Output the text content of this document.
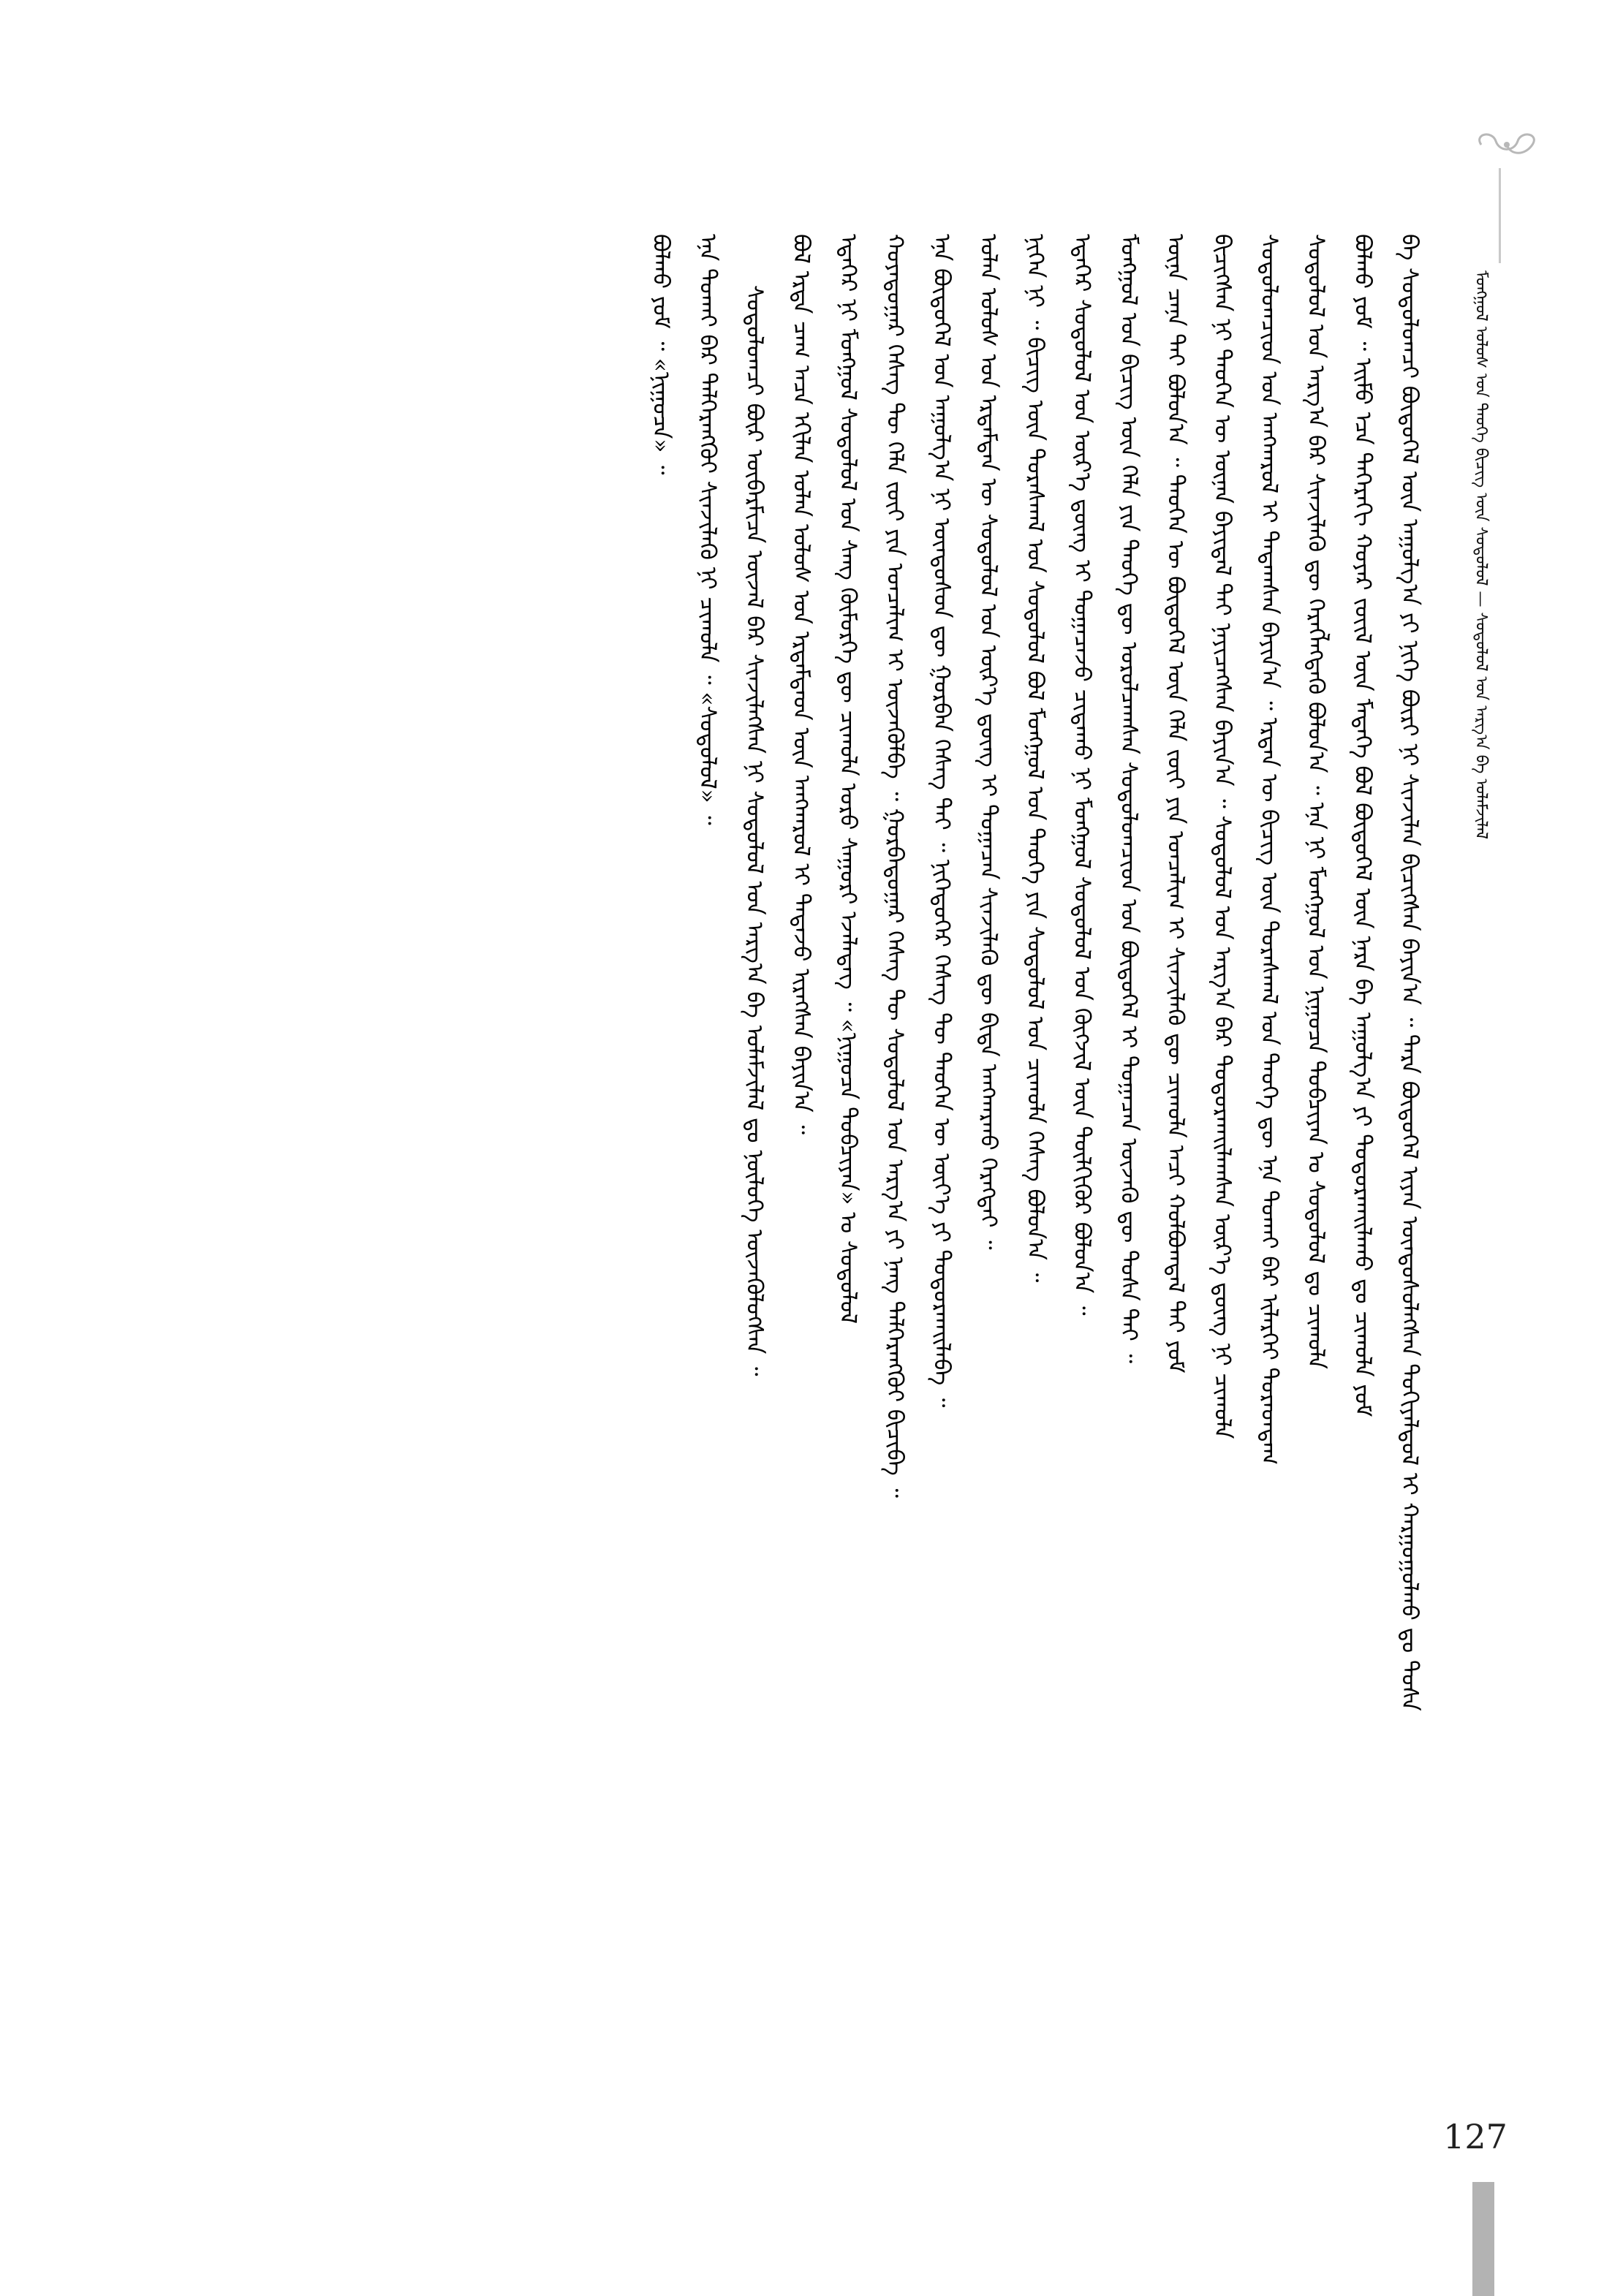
ᠮᠣᠩᠭᠣᠯ ᠤᠯᠤᠰ ᠤᠨ ᠲᠡᠦᠬᠡ ᠪᠢᠴᠢᠭ ᠦᠨ ᠰᠤᠳᠤᠯᠤᠯ — ᠰᠤᠳᠤᠯᠤᠯ ᠤᠨ ᠠᠷᠭ᠎ᠠ ᠪᠠ ᠤᠯᠠᠮᠵᠢᠯᠠᠯ
ᠪᠠ ᠰᠤᠳᠤᠯᠤᠭᠴᠢ ᠪᠦᠲᠦᠭᠡᠯ ᠦᠨ ᠠᠭᠤᠯᠭ᠎ᠠ ᠶᠢ ᠨᠢᠭᠡ ᠪᠦᠷᠢ ᠨᠢ ᠰᠢᠨᠵᠢᠯᠡᠨ ᠪᠢᠴᠢᠭᠰᠡᠨ ᠪᠠᠶᠢᠨ᠎ᠠ ᠃ ᠲᠡᠷᠡ ᠪᠦᠲᠦᠭᠡᠯ ᠢᠶᠡᠨ ᠦᠨᠳᠦᠰᠦᠯᠡᠭᠰᠡᠨ ᠲᠣᠬᠢᠶᠠᠯᠳᠤᠯ ᠢ ᠬᠠᠷᠭᠤᠭᠤᠯᠬᠤ ᠳᠤ ᠲᠤᠰᠠ
ᠪᠣᠯᠬᠤ ᠶᠤᠮ ᠃ ᠡᠢᠮᠦ ᠡᠴᠡ ᠳᠡᠭᠡᠷᠡᠬᠢ ᠬᠣᠶᠠᠷ ᠵᠦᠢᠯ ᠦᠨ ᠮᠡᠳᠡᠭᠡ ᠪᠣᠯ ᠪᠦᠲᠦᠭᠡᠯ ᠦᠨ ᠨᠡᠷᠡ ᠪᠠ ᠠᠭᠤᠯᠭ᠎ᠠ ᠶᠢ ᠲᠣᠳᠤᠷᠬᠠᠢᠯᠠᠬᠤ ᠳᠤ ᠴᠢᠬᠤᠯᠠ ᠶᠤᠮ
ᠰᠤᠳᠤᠯᠤᠯ ᠤᠨ ᠠᠷᠭ᠎ᠠ ᠪᠠᠷ ᠰᠢᠨᠵᠢᠯᠡᠬᠦ ᠳᠦ ᠬᠡᠷᠡᠭᠯᠡᠭᠳᠡᠬᠦ ᠪᠣᠯᠤᠨ᠎ᠠ ᠃ ᠡᠨᠡ ᠨᠢ ᠮᠣᠩᠭᠣᠯ ᠤᠨ ᠨᠢᠭᠤᠴᠠ ᠲᠣᠪᠴᠢᠶᠠᠨ ᠤ ᠰᠤᠳᠤᠯᠤᠯ ᠳᠤ ᠴᠢᠬᠤᠯᠠ
ᠰᠤᠳᠤᠯᠤᠭᠴᠢᠳ ᠤᠨ ᠠᠨᠭᠬᠠᠷᠤᠯ ᠢ ᠲᠠᠲᠠᠭᠰᠠᠨ ᠪᠠᠶᠢᠨ᠎ᠠ ᠃ ᠡᠷᠲᠡᠨ ᠦ ᠪᠢᠴᠢᠭ ᠦᠨ ᠳᠤᠷᠠᠰᠬᠠᠯ ᠤᠨ ᠲᠡᠦᠬᠡ ᠳᠦ ᠡᠨᠡ ᠲᠤᠬᠠᠢ ᠪᠠᠷ ᠢᠯᠡᠷᠬᠡᠢ ᠳᠤᠷᠠᠳᠳᠠᠭ
ᠪᠢᠴᠢᠭᠰᠡᠨ ᠨᠢ ᠲᠡᠦᠬᠡᠨ ᠦ ᠦᠨᠡᠨ ᠪᠠᠶᠢᠳᠠᠯ ᠲᠠᠢ ᠨᠡᠶᠢᠴᠡᠭᠰᠡᠨ ᠪᠠᠶᠢᠨ᠎ᠠ ᠃ ᠰᠤᠳᠤᠯᠤᠯ ᠤᠨ ᠠᠷᠭ᠎ᠠ ᠪᠠᠷ ᠲᠣᠳᠤᠷᠬᠠᠢᠯᠠᠭᠰᠠᠨ ᠦᠷ᠎ᠡ ᠳ᠋ᠦᠩ ᠨᠢ ᠴᠢᠬᠤᠯᠠ
ᠦᠨᠡ ᠴᠡᠨᠡ ᠲᠠᠢ ᠪᠣᠯᠤᠨ᠎ᠠ ᠃ ᠲᠡᠦᠬᠡᠨ ᠦ ᠪᠦᠲᠦᠭᠡᠯ ᠦᠨ ᠬᠡᠯᠡ ᠵᠦᠢ ᠶᠢᠨ ᠣᠨᠴᠠᠯᠢᠭ ᠢ ᠰᠢᠨᠵᠢᠯᠡᠬᠦ ᠳᠦ ᠴᠢᠬᠤᠯᠠ ᠠᠴᠢ ᠬᠣᠯᠪᠣᠭᠳᠠᠯ ᠲᠠᠢ ᠶᠤᠮ
ᠮᠣᠩᠭᠣᠯ ᠤᠨ ᠪᠢᠴᠢᠭ ᠦᠨ ᠬᠡᠯᠡ ᠶᠢᠨ ᠲᠡᠦᠬᠡ ᠳᠦ ᠣᠷᠣᠯᠴᠠᠭᠰᠠᠨ ᠰᠤᠳᠤᠯᠤᠭᠴᠢᠳ ᠤᠨ ᠪᠦᠲᠦᠭᠡᠯ ᠢ ᠲᠣᠭᠠᠴᠠᠨ ᠦᠵᠡᠬᠦ ᠳᠦ ᠲᠤᠰᠠ ᠲᠠᠢ ᠃
ᠡᠳᠡᠭᠡᠷ ᠰᠤᠳᠤᠯᠤᠯ ᠤᠨ ᠦᠷ᠎ᠡ ᠳ᠋ᠦᠩ ᠢ ᠲᠣᠭᠠᠴᠠᠵᠤ ᠴᠢᠳᠠᠬᠤ ᠨᠢ ᠮᠣᠩᠭᠣᠯ ᠰᠤᠳᠤᠯᠤᠯ ᠤᠨ ᠬᠥᠭᠵᠢᠯ ᠦᠨ ᠲᠦᠯᠬᠢᠭᠦᠷ ᠪᠣᠯᠤᠨ᠎ᠠ ᠃
ᠨᠢᠭᠡᠨ ᠨᠢ ᠃ ᠪᠢᠴᠢᠭ ᠦᠨ ᠳᠤᠷᠠᠰᠬᠠᠯ ᠤᠨ ᠰᠤᠳᠤᠯᠤᠯ ᠪᠣᠯ ᠮᠣᠩᠭᠣᠯ ᠤᠨ ᠲᠡᠦᠬᠡ ᠶᠢᠨ ᠰᠤᠳᠤᠯᠤᠯ ᠤᠨ ᠴᠢᠬᠤᠯᠠ ᠬᠡᠰᠡᠭ ᠪᠣᠯᠤᠨ᠎ᠠ ᠃
ᠣᠯᠠᠨ ᠤᠯᠤᠰ ᠤᠨ ᠡᠷᠳᠡᠮᠲᠡᠨ ᠦ ᠰᠤᠳᠤᠯᠤᠯ ᠤᠨ ᠦᠷ᠎ᠡ ᠳ᠋ᠦᠩ ᠢ ᠲᠣᠭᠠᠴᠠᠨ ᠰᠢᠨᠵᠢᠯᠡᠬᠦ ᠳᠦ ᠪᠢᠳᠡ ᠠᠨᠭᠬᠠᠷᠬᠤ ᠬᠡᠷᠡᠭᠲᠡᠢ ᠃
ᠡᠨᠡ ᠪᠦᠲᠦᠭᠡᠯ ᠤᠨ ᠠᠭᠤᠯᠭ᠎ᠠ ᠨᠢ ᠦᠨᠳᠦᠰᠦᠨ ᠳᠦ ᠭᠤᠷᠪᠠᠨ ᠬᠡᠰᠡᠭ ᠲᠡᠢ ᠃ ᠨᠢᠭᠡᠳᠦᠭᠡᠷ ᠬᠡᠰᠡᠭ ᠲᠦ ᠲᠡᠦᠬᠡᠨ ᠦ ᠦᠶ᠎ᠡ ᠶᠢ ᠲᠣᠳᠤᠷᠬᠠᠢᠯᠠᠪᠠ ᠃
ᠬᠣᠶᠠᠳᠤᠭᠠᠷ ᠬᠡᠰᠡᠭ ᠲᠦ ᠬᠡᠯᠡ ᠵᠦᠢ ᠶᠢᠨ ᠣᠨᠴᠠᠯᠢᠭ ᠢ ᠦᠵᠡᠭᠦᠯᠪᠡ ᠃ ᠭᠤᠷᠪᠠᠳᠤᠭᠠᠷ ᠬᠡᠰᠡᠭ ᠲᠦ ᠰᠤᠳᠤᠯᠤᠯ ᠤᠨ ᠠᠷᠭ᠎ᠠ ᠶᠢ ᠨᠡᠩ ᠳᠡᠯᠭᠡᠷᠡᠩᠭᠦᠢ ᠪᠢᠴᠢᠪᠡ ᠃
ᠡᠳᠡᠭᠡᠷ ᠨᠢ ᠮᠣᠩᠭᠣᠯ ᠰᠤᠳᠤᠯᠤᠯ ᠤᠨ ᠰᠠᠩ ᠬᠥᠮᠥᠷᠭᠡ ᠳᠦ ᠴᠢᠬᠤᠯᠠ ᠣᠷᠣ ᠰᠠᠭᠤᠷᠢ ᠡᠵᠡᠯᠡᠳᠡᠭ ᠃ «ᠨᠢᠭᠤᠴᠠ ᠲᠣᠪᠴᠢᠶᠠᠨ» ᠤ ᠰᠤᠳᠤᠯᠤᠯ
ᠪᠣᠯ ᠡᠷᠲᠡ ᠴᠠᠭ ᠠᠴᠠ ᠡᠬᠢᠯᠡᠨ ᠣᠯᠠᠨ ᠤᠯᠤᠰ ᠤᠨ ᠡᠷᠳᠡᠮᠲᠡᠳ ᠦᠨ ᠠᠨᠭᠬᠠᠷᠤᠯ ᠢ ᠲᠠᠲᠠᠵᠤ ᠢᠷᠡᠭᠰᠡᠨ ᠪᠠᠶᠢᠨ᠎ᠠ ᠃
ᠰᠤᠳᠤᠯᠤᠭᠴᠢ ᠪᠦᠷ ᠥᠪᠡᠷᠮᠢᠴᠡ ᠦᠵᠡᠯ ᠪᠠᠷ ᠰᠢᠨᠵᠢᠯᠡᠭᠰᠡᠨ ᠨᠢ ᠰᠤᠳᠤᠯᠤᠯ ᠤᠨ ᠠᠷᠭ᠎ᠠ ᠪᠠ ᠤᠯᠠᠮᠵᠢᠯᠠᠯ ᠳᠤ ᠨᠥᠯᠦᠭᠡ ᠦᠵᠡᠭᠦᠯᠦᠭᠰᠡᠨ ᠃
ᠡᠨᠡ ᠲᠤᠬᠠᠢ ᠪᠡᠷ ᠳᠡᠯᠭᠡᠷᠡᠩᠭᠦᠢ ᠰᠢᠨᠵᠢᠯᠡᠬᠦ ᠨᠢ ᠴᠢᠬᠤᠯᠠ ᠃ «ᠰᠤᠳᠤᠯᠤᠯ» ᠃
ᠪᠣᠯᠬᠤ ᠶᠤᠮ ᠃ «ᠨᠢᠭᠤᠴᠠ» ᠃
127
